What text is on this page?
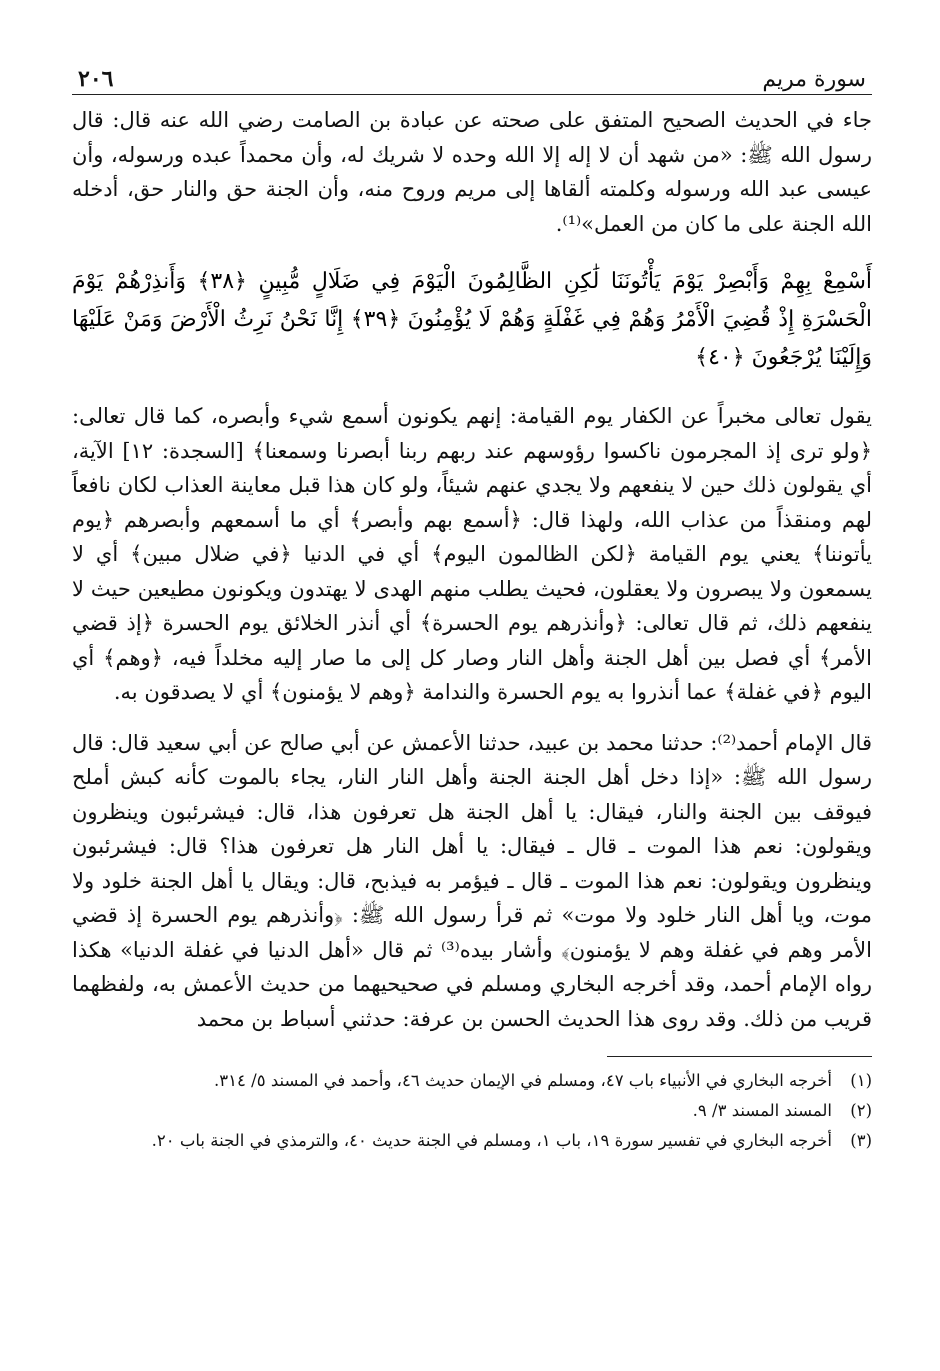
سورة مريم
٢٠٦

جاء في الحديث الصحيح المتفق على صحته عن عبادة بن الصامت رضي الله عنه قال: قال رسول الله ﷺ: «من شهد أن لا إله إلا الله وحده لا شريك له، وأن محمداً عبده ورسوله، وأن عيسى عبد الله ورسوله وكلمته ألقاها إلى مريم وروح منه، وأن الجنة حق والنار حق، أدخله الله الجنة على ما كان من العمل»⁽¹⁾.

أَسْمِعْ بِهِمْ وَأَبْصِرْ يَوْمَ يَأْتُونَنَا لَٰكِنِ الظَّالِمُونَ الْيَوْمَ فِي ضَلَالٍ مُّبِينٍ ﴿٣٨﴾ وَأَنذِرْهُمْ يَوْمَ الْحَسْرَةِ إِذْ قُضِيَ الْأَمْرُ وَهُمْ فِي غَفْلَةٍ وَهُمْ لَا يُؤْمِنُونَ ﴿٣٩﴾ إِنَّا نَحْنُ نَرِثُ الْأَرْضَ وَمَنْ عَلَيْهَا وَإِلَيْنَا يُرْجَعُونَ ﴿٤٠﴾

يقول تعالى مخبراً عن الكفار يوم القيامة: إنهم يكونون أسمع شيء وأبصره، كما قال تعالى: ﴿ولو ترى إذ المجرمون ناكسوا رؤوسهم عند ربهم ربنا أبصرنا وسمعنا﴾ [السجدة: ١٢] الآية، أي يقولون ذلك حين لا ينفعهم ولا يجدي عنهم شيئاً، ولو كان هذا قبل معاينة العذاب لكان نافعاً لهم ومنقذاً من عذاب الله، ولهذا قال: ﴿أسمع بهم وأبصر﴾ أي ما أسمعهم وأبصرهم ﴿يوم يأتوننا﴾ يعني يوم القيامة ﴿لكن الظالمون اليوم﴾ أي في الدنيا ﴿في ضلال مبين﴾ أي لا يسمعون ولا يبصرون ولا يعقلون، فحيث يطلب منهم الهدى لا يهتدون ويكونون مطيعين حيث لا ينفعهم ذلك، ثم قال تعالى: ﴿وأنذرهم يوم الحسرة﴾ أي أنذر الخلائق يوم الحسرة ﴿إذ قضي الأمر﴾ أي فصل بين أهل الجنة وأهل النار وصار كل إلى ما صار إليه مخلداً فيه، ﴿وهم﴾ أي اليوم ﴿في غفلة﴾ عما أنذروا به يوم الحسرة والندامة ﴿وهم لا يؤمنون﴾ أي لا يصدقون به.

قال الإمام أحمد⁽²⁾: حدثنا محمد بن عبيد، حدثنا الأعمش عن أبي صالح عن أبي سعيد قال: قال رسول الله ﷺ: «إذا دخل أهل الجنة الجنة وأهل النار النار، يجاء بالموت كأنه كبش أملح فيوقف بين الجنة والنار، فيقال: يا أهل الجنة هل تعرفون هذا، قال: فيشرئبون وينظرون ويقولون: نعم هذا الموت ـ قال ـ فيقال: يا أهل النار هل تعرفون هذا؟ قال: فيشرئبون وينظرون ويقولون: نعم هذا الموت ـ قال ـ فيؤمر به فيذبح، قال: ويقال يا أهل الجنة خلود ولا موت، ويا أهل النار خلود ولا موت» ثم قرأ رسول الله ﷺ: ﴿وأنذرهم يوم الحسرة إذ قضي الأمر وهم في غفلة وهم لا يؤمنون﴾ وأشار بيده⁽³⁾ ثم قال «أهل الدنيا في غفلة الدنيا» هكذا رواه الإمام أحمد، وقد أخرجه البخاري ومسلم في صحيحيهما من حديث الأعمش به، ولفظهما قريب من ذلك. وقد روى هذا الحديث الحسن بن عرفة: حدثني أسباط بن محمد

(١)
أخرجه البخاري في الأنبياء باب ٤٧، ومسلم في الإيمان حديث ٤٦، وأحمد في المسند ٥/ ٣١٤.
(٢)
المسند المسند ٣/ ٩.
(٣)
أخرجه البخاري في تفسير سورة ١٩، باب ١، ومسلم في الجنة حديث ٤٠، والترمذي في الجنة باب ٢٠.
